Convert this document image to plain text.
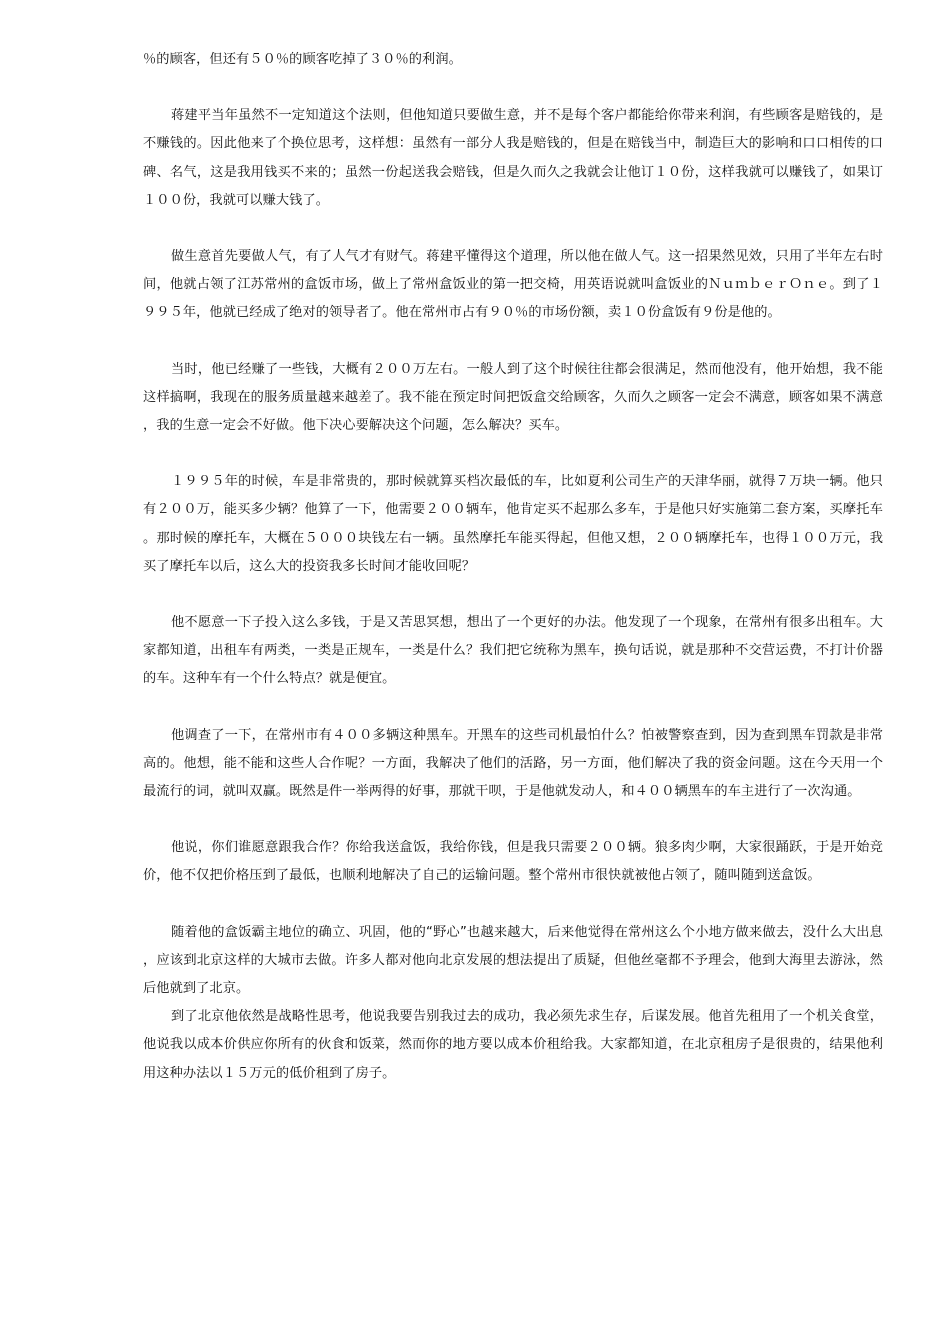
％的顾客，但还有５０％的顾客吃掉了３０％的利润。

蒋建平当年虽然不一定知道这个法则，但他知道只要做生意，并不是每个客户都能给你带来利润，有些顾客是赔钱的，是不赚钱的。因此他来了个换位思考，这样想：虽然有一部分人我是赔钱的，但是在赔钱当中，制造巨大的影响和口口相传的口碑、名气，这是我用钱买不来的；虽然一份起送我会赔钱，但是久而久之我就会让他订１０份，这样我就可以赚钱了，如果订１００份，我就可以赚大钱了。

做生意首先要做人气，有了人气才有财气。蒋建平懂得这个道理，所以他在做人气。这一招果然见效，只用了半年左右时间，他就占领了江苏常州的盒饭市场，做上了常州盒饭业的第一把交椅，用英语说就叫盒饭业的ＮｕｍｂｅｒＯｎｅ。到了１９９５年，他就已经成了绝对的领导者了。他在常州市占有９０％的市场份额，卖１０份盒饭有９份是他的。

当时，他已经赚了一些钱，大概有２００万左右。一般人到了这个时候往往都会很满足，然而他没有，他开始想，我不能这样搞啊，我现在的服务质量越来越差了。我不能在预定时间把饭盒交给顾客，久而久之顾客一定会不满意，顾客如果不满意，我的生意一定会不好做。他下决心要解决这个问题，怎么解决？买车。

１９９５年的时候，车是非常贵的，那时候就算买档次最低的车，比如夏利公司生产的天津华丽，就得７万块一辆。他只有２００万，能买多少辆？他算了一下，他需要２００辆车，他肯定买不起那么多车，于是他只好实施第二套方案，买摩托车。那时候的摩托车，大概在５０００块钱左右一辆。虽然摩托车能买得起，但他又想，２００辆摩托车，也得１００万元，我买了摩托车以后，这么大的投资我多长时间才能收回呢？

他不愿意一下子投入这么多钱，于是又苦思冥想，想出了一个更好的办法。他发现了一个现象，在常州有很多出租车。大家都知道，出租车有两类，一类是正规车，一类是什么？我们把它统称为黑车，换句话说，就是那种不交营运费，不打计价器的车。这种车有一个什么特点？就是便宜。

他调查了一下，在常州市有４００多辆这种黑车。开黑车的这些司机最怕什么？怕被警察查到，因为查到黑车罚款是非常高的。他想，能不能和这些人合作呢？一方面，我解决了他们的活路，另一方面，他们解决了我的资金问题。这在今天用一个最流行的词，就叫双赢。既然是件一举两得的好事，那就干呗，于是他就发动人，和４００辆黑车的车主进行了一次沟通。

他说，你们谁愿意跟我合作？你给我送盒饭，我给你钱，但是我只需要２００辆。狼多肉少啊，大家很踊跃，于是开始竞价，他不仅把价格压到了最低，也顺利地解决了自己的运输问题。整个常州市很快就被他占领了，随叫随到送盒饭。

随着他的盒饭霸主地位的确立、巩固，他的“野心”也越来越大，后来他觉得在常州这么个小地方做来做去，没什么大出息，应该到北京这样的大城市去做。许多人都对他向北京发展的想法提出了质疑，但他丝毫都不予理会，他到大海里去游泳，然后他就到了北京。

到了北京他依然是战略性思考，他说我要告别我过去的成功，我必须先求生存，后谋发展。他首先租用了一个机关食堂，他说我以成本价供应你所有的伙食和饭菜，然而你的地方要以成本价租给我。大家都知道，在北京租房子是很贵的，结果他利用这种办法以１５万元的低价租到了房子。
